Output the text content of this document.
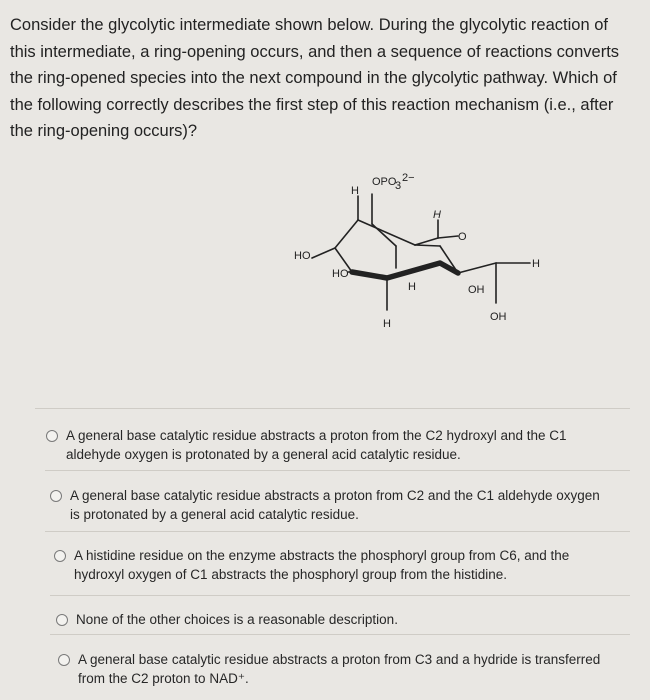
Consider the glycolytic intermediate shown below. During the glycolytic reaction of this intermediate, a ring-opening occurs, and then a sequence of reactions converts the ring-opened species into the next compound in the glycolytic pathway. Which of the following correctly describes the first step of this reaction mechanism (i.e., after the ring-opening occurs)?

H
OPO
3
2−
HO
HO
H
O
H
H	OH
H
OH
A general base catalytic residue abstracts a proton from the C2 hydroxyl and the C1 aldehyde oxygen is protonated by a general acid catalytic residue.
A general base catalytic residue abstracts a proton from C2 and the C1 aldehyde oxygen is protonated by a general acid catalytic residue.
A histidine residue on the enzyme abstracts the phosphoryl group from C6, and the hydroxyl oxygen of C1 abstracts the phosphoryl group from the histidine.
None of the other choices is a reasonable description.
A general base catalytic residue abstracts a proton from C3 and a hydride is transferred from the C2 proton to NAD⁺.
